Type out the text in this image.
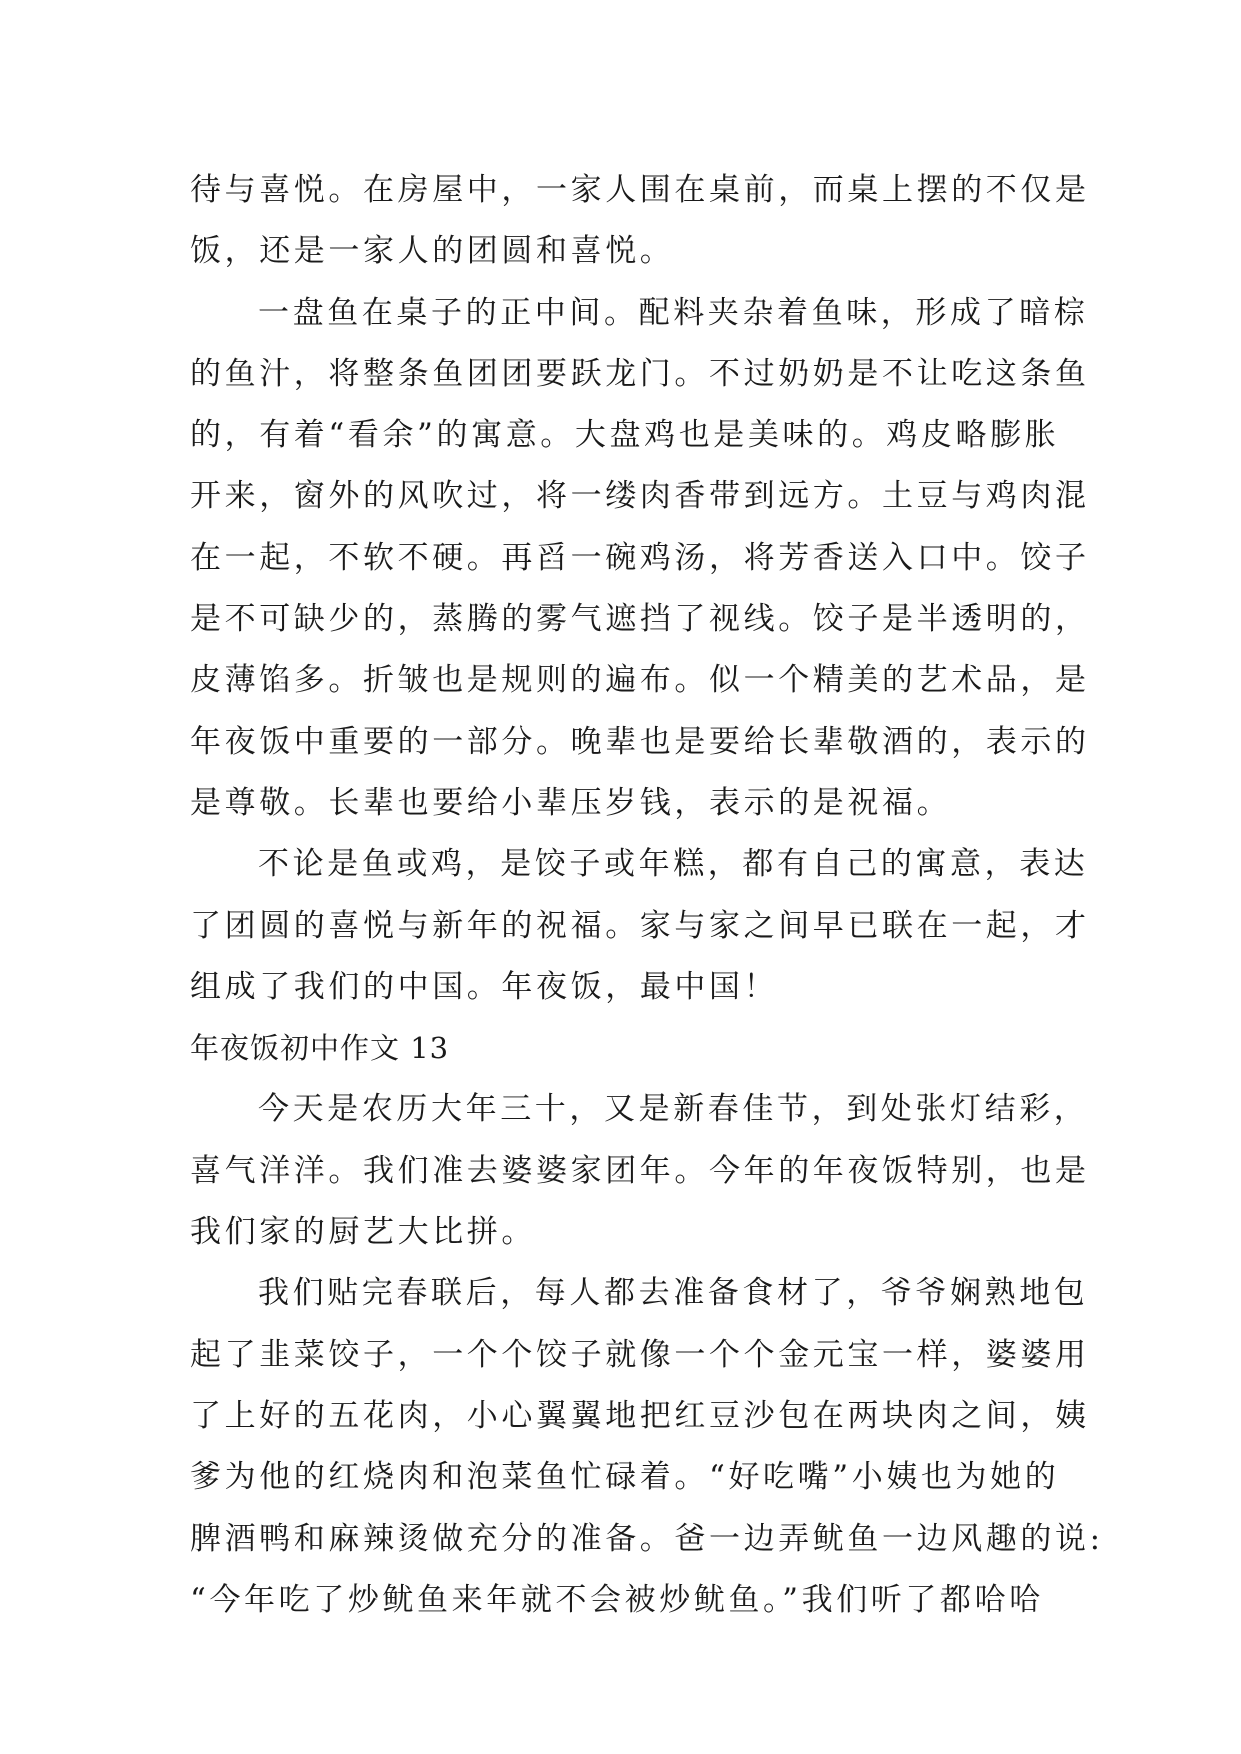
待与喜悦。在房屋中，一家人围在桌前，而桌上摆的不仅是
饭，还是一家人的团圆和喜悦。
一盘鱼在桌子的正中间。配料夹杂着鱼味，形成了暗棕
的鱼汁，将整条鱼团团要跃龙门。不过奶奶是不让吃这条鱼
的，有着“看余”的寓意。大盘鸡也是美味的。鸡皮略膨胀
开来，窗外的风吹过，将一缕肉香带到远方。土豆与鸡肉混
在一起，不软不硬。再舀一碗鸡汤，将芳香送入口中。饺子
是不可缺少的，蒸腾的雾气遮挡了视线。饺子是半透明的，
皮薄馅多。折皱也是规则的遍布。似一个精美的艺术品，是
年夜饭中重要的一部分。晚辈也是要给长辈敬酒的，表示的
是尊敬。长辈也要给小辈压岁钱，表示的是祝福。
不论是鱼或鸡，是饺子或年糕，都有自己的寓意，表达
了团圆的喜悦与新年的祝福。家与家之间早已联在一起，才
组成了我们的中国。年夜饭，最中国！
年夜饭初中作文 13
今天是农历大年三十，又是新春佳节，到处张灯结彩，
喜气洋洋。我们准去婆婆家团年。今年的年夜饭特别，也是
我们家的厨艺大比拼。
我们贴完春联后，每人都去准备食材了，爷爷娴熟地包
起了韭菜饺子，一个个饺子就像一个个金元宝一样，婆婆用
了上好的五花肉，小心翼翼地把红豆沙包在两块肉之间，姨
爹为他的红烧肉和泡菜鱼忙碌着。“好吃嘴”小姨也为她的
脾酒鸭和麻辣烫做充分的准备。爸一边弄鱿鱼一边风趣的说:
“今年吃了炒鱿鱼来年就不会被炒鱿鱼。”我们听了都哈哈
